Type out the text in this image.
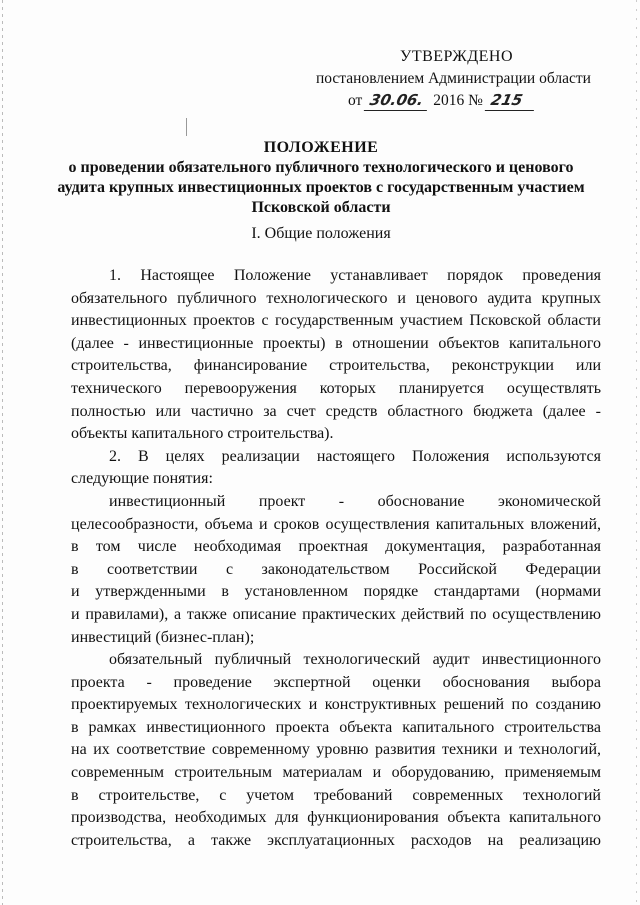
УТВЕРЖДЕНО
постановлением Администрации области
от 30.06. 2016 № 215
ПОЛОЖЕНИЕ
о проведении обязательного публичного технологического и ценового
аудита крупных инвестиционных проектов с государственным участием
Псковской области
I. Общие положения
1. Настоящее Положение устанавливает порядок проведения
обязательного публичного технологического и ценового аудита крупных
инвестиционных проектов с государственным участием Псковской области
(далее - инвестиционные проекты) в отношении объектов капитального
строительства, финансирование строительства, реконструкции или
технического перевооружения которых планируется осуществлять
полностью или частично за счет средств областного бюджета (далее -
объекты капитального строительства).
2. В целях реализации настоящего Положения используются
следующие понятия:
инвестиционный проект - обоснование экономической
целесообразности, объема и сроков осуществления капитальных вложений,
в том числе необходимая проектная документация, разработанная
в соответствии с законодательством Российской Федерации
и утвержденными в установленном порядке стандартами (нормами
и правилами), а также описание практических действий по осуществлению
инвестиций (бизнес-план);
обязательный публичный технологический аудит инвестиционного
проекта - проведение экспертной оценки обоснования выбора
проектируемых технологических и конструктивных решений по созданию
в рамках инвестиционного проекта объекта капитального строительства
на их соответствие современному уровню развития техники и технологий,
современным строительным материалам и оборудованию, применяемым
в строительстве, с учетом требований современных технологий
производства, необходимых для функционирования объекта капитального
строительства, а также эксплуатационных расходов на реализацию
